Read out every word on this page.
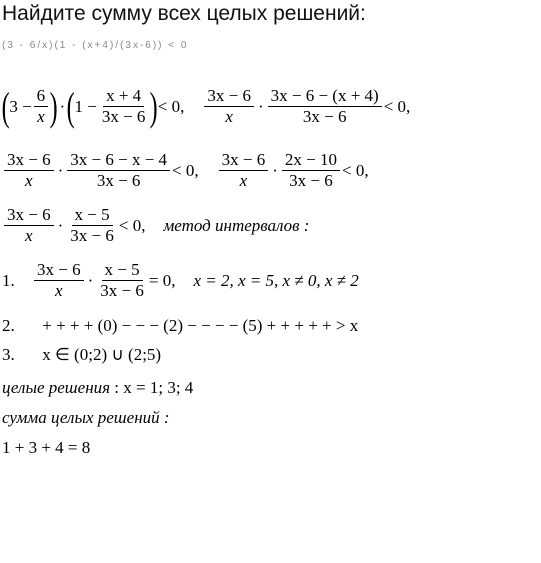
Найдите сумму всех целых решений:
(3 - 6/x)(1 - (x+4)/(3x-6)) < 0
( $3 - \frac{6}{x}$ ) · ( $1 - \frac{x + 4}{3x - 6}$ ) < 0, $\frac{3x - 6}{x} \cdot \frac{3x - 6 - (x + 4)}{3x - 6} < 0$,
$\frac{3x - 6}{x} \cdot \frac{3x - 6 - x - 4}{3x - 6} < 0$, $\frac{3x - 6}{x} \cdot \frac{2x - 10}{3x - 6} < 0$,
$\frac{3x - 6}{x} \cdot \frac{x - 5}{3x - 6} < 0$, метод интервалов :
1.	$\frac{3x - 6}{x} \cdot \frac{x - 5}{3x - 6} = 0$, x = 2, x = 5, x ≠ 0, x ≠ 2
2. + + + + (0) − − − (2) − − − − (5) + + + + + > x
3. x ∈ (0;2) ∪ (2;5)
целые решения : x = 1; 3; 4
сумма целых решений :
1 + 3 + 4 = 8
